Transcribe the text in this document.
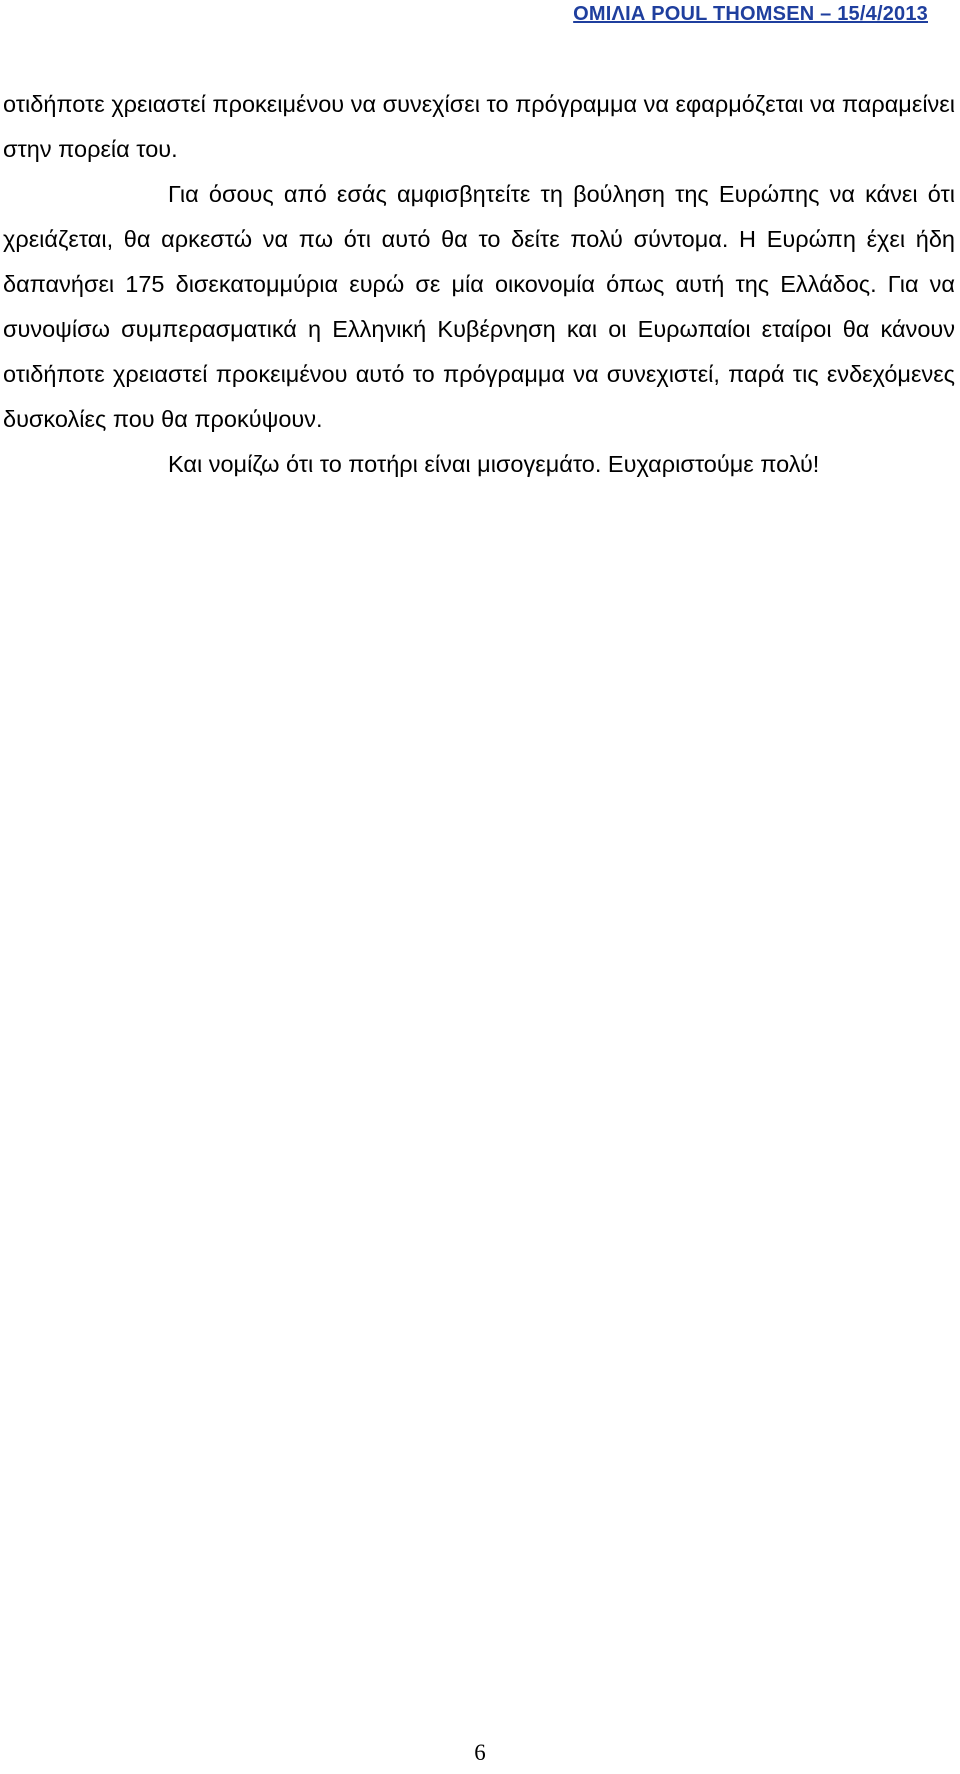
ΟΜΙΛΙΑ POUL THOMSEN – 15/4/2013

οτιδήποτε χρειαστεί προκειμένου να συνεχίσει το πρόγραμμα να εφαρμόζεται να παραμείνει στην πορεία του.

Για όσους από εσάς αμφισβητείτε τη βούληση της Ευρώπης να κάνει ότι χρειάζεται, θα αρκεστώ να πω ότι αυτό θα το δείτε πολύ σύντομα. Η Ευρώπη έχει ήδη δαπανήσει 175 δισεκατομμύρια ευρώ σε μία οικονομία όπως αυτή της Ελλάδος. Για να συνοψίσω συμπερασματικά η Ελληνική Κυβέρνηση και οι Ευρωπαίοι εταίροι θα κάνουν οτιδήποτε χρειαστεί προκειμένου αυτό το πρόγραμμα να συνεχιστεί, παρά τις ενδεχόμενες δυσκολίες που θα προκύψουν.

Και νομίζω ότι το ποτήρι είναι μισογεμάτο. Ευχαριστούμε πολύ!

6
